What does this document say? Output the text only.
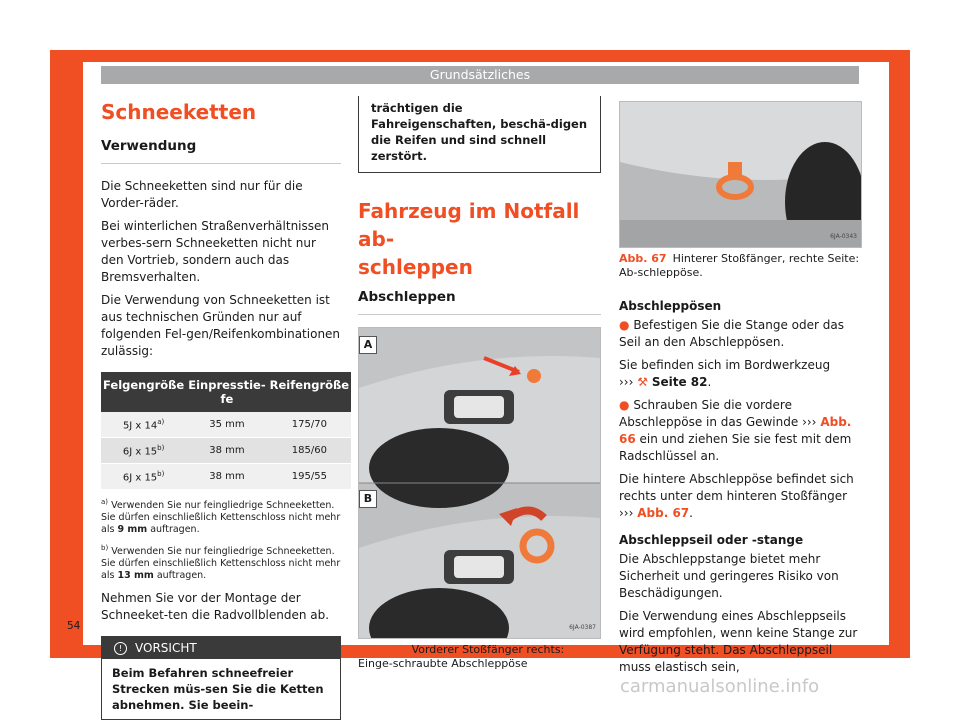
Grundsätzliches
Schneeketten
Verwendung

Die Schneeketten sind nur für die Vorder-räder.

Bei winterlichen Straßenverhältnissen verbes-sern Schneeketten nicht nur den Vortrieb, sondern auch das Bremsverhalten.

Die Verwendung von Schneeketten ist aus technischen Gründen nur auf folgenden Fel-gen/Reifenkombinationen zulässig:

Felgengröße	Einpresstie-fe	Reifengröße
5J x 14$^{a)}$	35 mm	175/70
6J x 15$^{b)}$	38 mm	185/60
6J x 15$^{b)}$	38 mm	195/55
$^{a)}$ Verwenden Sie nur feingliedrige Schneeketten. Sie dürfen einschließlich Kettenschloss nicht mehr als 9 mm auftragen.
$^{b)}$ Verwenden Sie nur feingliedrige Schneeketten. Sie dürfen einschließlich Kettenschloss nicht mehr als 13 mm auftragen.

Nehmen Sie vor der Montage der Schneeket-ten die Radvollblenden ab.

! VORSICHT
Beim Befahren schneefreier Strecken müs-sen Sie die Ketten abnehmen. Sie beein-
trächtigen die Fahreigenschaften, beschä-digen die Reifen und sind schnell zerstört.
Fahrzeug im Notfall ab-
schleppen
Abschleppen
A
B
6JA-0387
Abb. 66 Vorderer Stoßfänger rechts: Einge-schraubte Abschleppöse
6JA-0343
Abb. 67 Hinterer Stoßfänger, rechte Seite: Ab-schleppöse.
Abschleppösen

● Befestigen Sie die Stange oder das Seil an den Abschleppösen.

Sie befinden sich im Bordwerkzeug
››› ⚒ Seite 82.

● Schrauben Sie die vordere Abschleppöse in das Gewinde ››› Abb. 66 ein und ziehen Sie sie fest mit dem Radschlüssel an.

Die hintere Abschleppöse befindet sich rechts unter dem hinteren Stoßfänger
››› Abb. 67.

Abschleppseil oder -stange

Die Abschleppstange bietet mehr Sicherheit und geringeres Risiko von Beschädigungen.

Die Verwendung eines Abschleppseils wird empfohlen, wenn keine Stange zur Verfügung steht. Das Abschleppseil muss elastisch sein,

54
carmanualsonline.info
